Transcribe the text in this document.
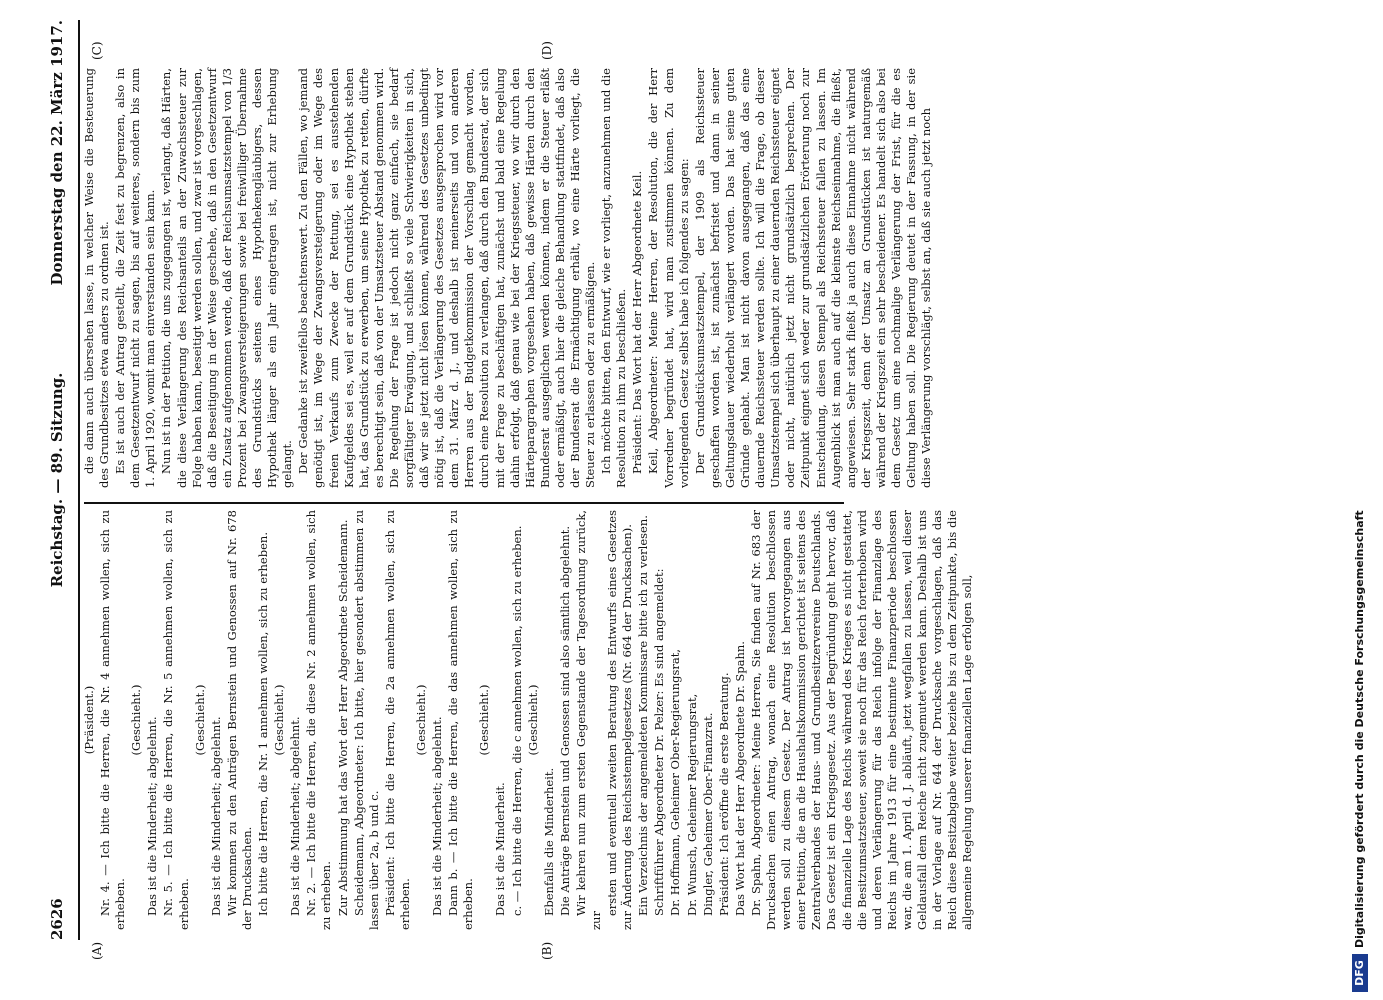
2626
Reichstag. — 89. Sitzung.
Donnerstag den 22. März 1917.
(A)	(B)
(C)	(D)

(Präsident.) Nr. 4. — Ich bitte die Herren, die Nr. 4 annehmen wollen, sich zu erheben.

(Geschieht.) Das ist die Minderheit; abgelehnt. Nr. 5. — Ich bitte die Herren, die Nr. 5 annehmen wollen, sich zu erheben.

(Geschieht.) Das ist die Minderheit; abgelehnt. Wir kommen zu den Anträgen Bernstein und Genossen auf Nr. 678 der Drucksachen. Ich bitte die Herren, die Nr. 1 annehmen wollen, sich zu erheben. (Geschieht.) Das ist die Minderheit; abgelehnt. Nr. 2. — Ich bitte die Herren, die diese Nr. 2 annehmen wollen, sich zu erheben. Zur Abstimmung hat das Wort der Herr Abgeordnete Scheidemann. Scheidemann, Abgeordneter: Ich bitte, hier gesondert abstimmen zu lassen über 2a, b und c. Präsident: Ich bitte die Herren, die 2a annehmen wollen, sich zu erheben.

(Geschieht.) Das ist die Minderheit; abgelehnt. Dann b. — Ich bitte die Herren, die das annehmen wollen, sich zu erheben.

(Geschieht.)

Das ist die Minderheit. c. — Ich bitte die Herren, die c annehmen wollen, sich zu erheben. (Geschieht.)

Ebenfalls die Minderheit. Die Anträge Bernstein und Genossen sind also sämtlich abgelehnt. Wir kehren nun zum ersten Gegenstande der Tagesordnung zurück, zur

ersten und eventuell zweiten Beratung des Entwurfs eines Gesetzes zur Änderung des Reichsstempelgesetzes (Nr. 664 der Drucksachen). Ein Verzeichnis der angemeldeten Kommissare bitte ich zu verlesen. Schriftführer Abgeordneter Dr. Pelzer: Es sind angemeldet: Dr. Hoffmann, Geheimer Ober-Regierungsrat, Dr. Wunsch, Geheimer Regierungsrat, Dingler, Geheimer Ober-Finanzrat. Präsident: Ich eröffne die erste Beratung. Das Wort hat der Herr Abgeordnete Dr. Spahn. Dr. Spahn, Abgeordneter: Meine Herren, Sie finden auf Nr. 683 der Drucksachen einen Antrag, wonach eine Resolution beschlossen werden soll zu diesem Gesetz. Der Antrag ist hervorgegangen aus einer Petition, die an die Haushaltskommission gerichtet ist seitens des Zentralverbandes der Haus- und Grundbesitzervereine Deutschlands. Das Gesetz ist ein Kriegsgesetz. Aus der Begründung geht hervor, daß die finanzielle Lage des Reichs während des Krieges es nicht gestattet, die Besitzumsatzsteuer, soweit sie noch für das Reich forterhoben wird und deren Verlängerung für das Reich infolge der Finanzlage des Reichs im Jahre 1913 für eine bestimmte Finanzperiode beschlossen war, die am 1. April d. J. abläuft, jetzt wegfallen zu lassen, weil dieser Geldausfall dem Reiche nicht zugemutet werden kann. Deshalb ist uns in der Vorlage auf Nr. 644 der Drucksache vorgeschlagen, daß das Reich diese Besitzabgabe weiter beziehe bis zu dem Zeitpunkte, bis die allgemeine Regelung unserer finanziellen Lage erfolgen soll,

die dann auch übersehen lasse, in welcher Weise die Besteuerung des Grundbesitzes etwa anders zu ordnen ist. Es ist auch der Antrag gestellt, die Zeit fest zu begrenzen, also in dem Gesetzentwurf nicht zu sagen, bis auf weiteres, sondern bis zum 1. April 1920, womit man einverstanden sein kann. Nun ist in der Petition, die uns zugegangen ist, verlangt, daß Härten, die diese Verlängerung des Reichsanteils an der Zuwachssteuer zur Folge haben kann, beseitigt werden sollen, und zwar ist vorgeschlagen, daß die Beseitigung in der Weise geschehe, daß in den Gesetzentwurf ein Zusatz aufgenommen werde, daß der Reichsumsatzstempel von 1/3 Prozent bei Zwangsversteigerungen sowie bei freiwilliger Übernahme des Grundstücks seitens eines Hypothekengläubigers, dessen Hypothek länger als ein Jahr eingetragen ist, nicht zur Erhebung gelangt. Der Gedanke ist zweifellos beachtenswert. Zu den Fällen, wo jemand genötigt ist, im Wege der Zwangsversteigerung oder im Wege des freien Verkaufs zum Zwecke der Rettung, sei es ausstehenden Kaufgeldes sei es, weil er auf dem Grundstück eine Hypothek stehen hat, das Grundstück zu erwerben, um seine Hypothek zu retten, dürfte es berechtigt sein, daß von der Umsatzsteuer Abstand genommen wird. Die Regelung der Frage ist jedoch nicht ganz einfach, sie bedarf sorgfältiger Erwägung, und schließt so viele Schwierigkeiten in sich, daß wir sie jetzt nicht lösen können, während des Gesetzes unbedingt nötig ist, daß die Verlängerung des Gesetzes ausgesprochen wird vor dem 31. März d. J., und deshalb ist meinerseits und von anderen Herren aus der Budgetkommission der Vorschlag gemacht worden, durch eine Resolution zu verlangen, daß durch den Bundesrat, der sich mit der Frage zu beschäftigen hat, zunächst und bald eine Regelung dahin erfolgt, daß genau wie bei der Kriegssteuer, wo wir durch den Härteparagraphen vorgesehen haben, daß gewisse Härten durch den Bundesrat ausgeglichen werden können, indem er die Steuer erläßt oder ermäßigt, auch hier die gleiche Behandlung stattfindet, daß also der Bundesrat die Ermächtigung erhält, wo eine Härte vorliegt, die Steuer zu erlassen oder zu ermäßigen. Ich möchte bitten, den Entwurf, wie er vorliegt, anzunehmen und die Resolution zu ihm zu beschließen. Präsident: Das Wort hat der Herr Abgeordnete Keil. Keil, Abgeordneter: Meine Herren, der Resolution, die der Herr Vorredner begründet hat, wird man zustimmen können. Zu dem vorliegenden Gesetz selbst habe ich folgendes zu sagen: Der Grundstücksumsatzstempel, der 1909 als Reichssteuer geschaffen worden ist, ist zunächst befristet und dann in seiner Geltungsdauer wiederholt verlängert worden. Das hat seine guten Gründe gehabt. Man ist nicht davon ausgegangen, daß das eine dauernde Reichssteuer werden sollte. Ich will die Frage, ob dieser Umsatzstempel sich überhaupt zu einer dauernden Reichssteuer eignet oder nicht, natürlich jetzt nicht grundsätzlich besprechen. Der Zeitpunkt eignet sich weder zur grundsätzlichen Erörterung noch zur Entscheidung, diesen Stempel als Reichssteuer fallen zu lassen. Im Augenblick ist man auch auf die kleinste Reichseinnahme, die fließt, angewiesen. Sehr stark fließt ja auch diese Einnahme nicht während der Kriegszeit, denn der Umsatz an Grundstücken ist naturgemäß während der Kriegszeit ein sehr bescheidener. Es handelt sich also bei dem Gesetz um eine nochmalige Verlängerung der Frist, für die es Geltung haben soll. Die Regierung deutet in der Fassung, in der sie diese Verlängerung vorschlägt, selbst an, daß sie auch jetzt noch

DFG
Digitalisierung gefördert durch die Deutsche Forschungsgemeinschaft
